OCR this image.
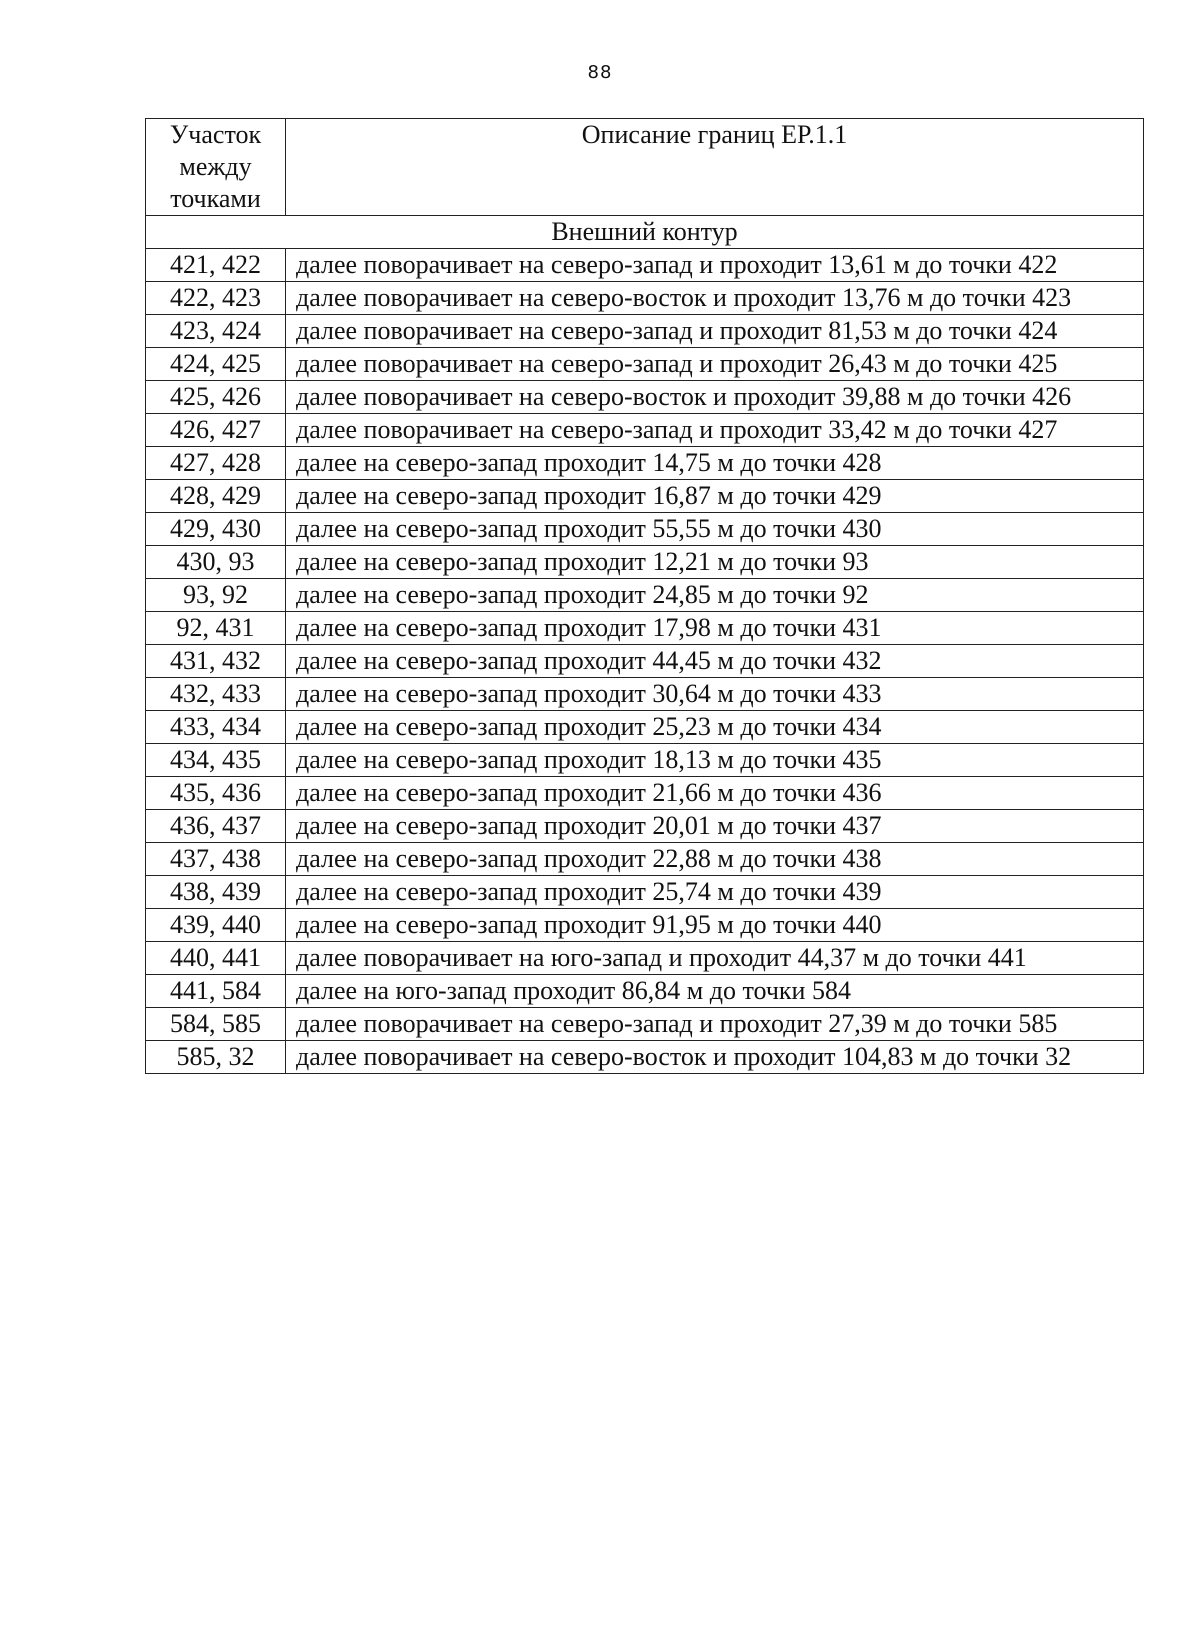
88
Участок между точками	Описание границ ЕР.1.1
Внешний контур	
421, 422	далее поворачивает на северо-запад и проходит 13,61 м до точки 422
422, 423	далее поворачивает на северо-восток и проходит 13,76 м до точки 423
423, 424	далее поворачивает на северо-запад и проходит 81,53 м до точки 424
424, 425	далее поворачивает на северо-запад и проходит 26,43 м до точки 425
425, 426	далее поворачивает на северо-восток и проходит 39,88 м до точки 426
426, 427	далее поворачивает на северо-запад и проходит 33,42 м до точки 427
427, 428	далее на северо-запад проходит 14,75 м до точки 428
428, 429	далее на северо-запад проходит 16,87 м до точки 429
429, 430	далее на северо-запад проходит 55,55 м до точки 430
430, 93	далее на северо-запад проходит 12,21 м до точки 93
93, 92	далее на северо-запад проходит 24,85 м до точки 92
92, 431	далее на северо-запад проходит 17,98 м до точки 431
431, 432	далее на северо-запад проходит 44,45 м до точки 432
432, 433	далее на северо-запад проходит 30,64 м до точки 433
433, 434	далее на северо-запад проходит 25,23 м до точки 434
434, 435	далее на северо-запад проходит 18,13 м до точки 435
435, 436	далее на северо-запад проходит 21,66 м до точки 436
436, 437	далее на северо-запад проходит 20,01 м до точки 437
437, 438	далее на северо-запад проходит 22,88 м до точки 438
438, 439	далее на северо-запад проходит 25,74 м до точки 439
439, 440	далее на северо-запад проходит 91,95 м до точки 440
440, 441	далее поворачивает на юго-запад и проходит 44,37 м до точки 441
441, 584	далее на юго-запад проходит 86,84 м до точки 584
584, 585	далее поворачивает на северо-запад и проходит 27,39 м до точки 585
585, 32	далее поворачивает на северо-восток и проходит 104,83 м до точки 32
